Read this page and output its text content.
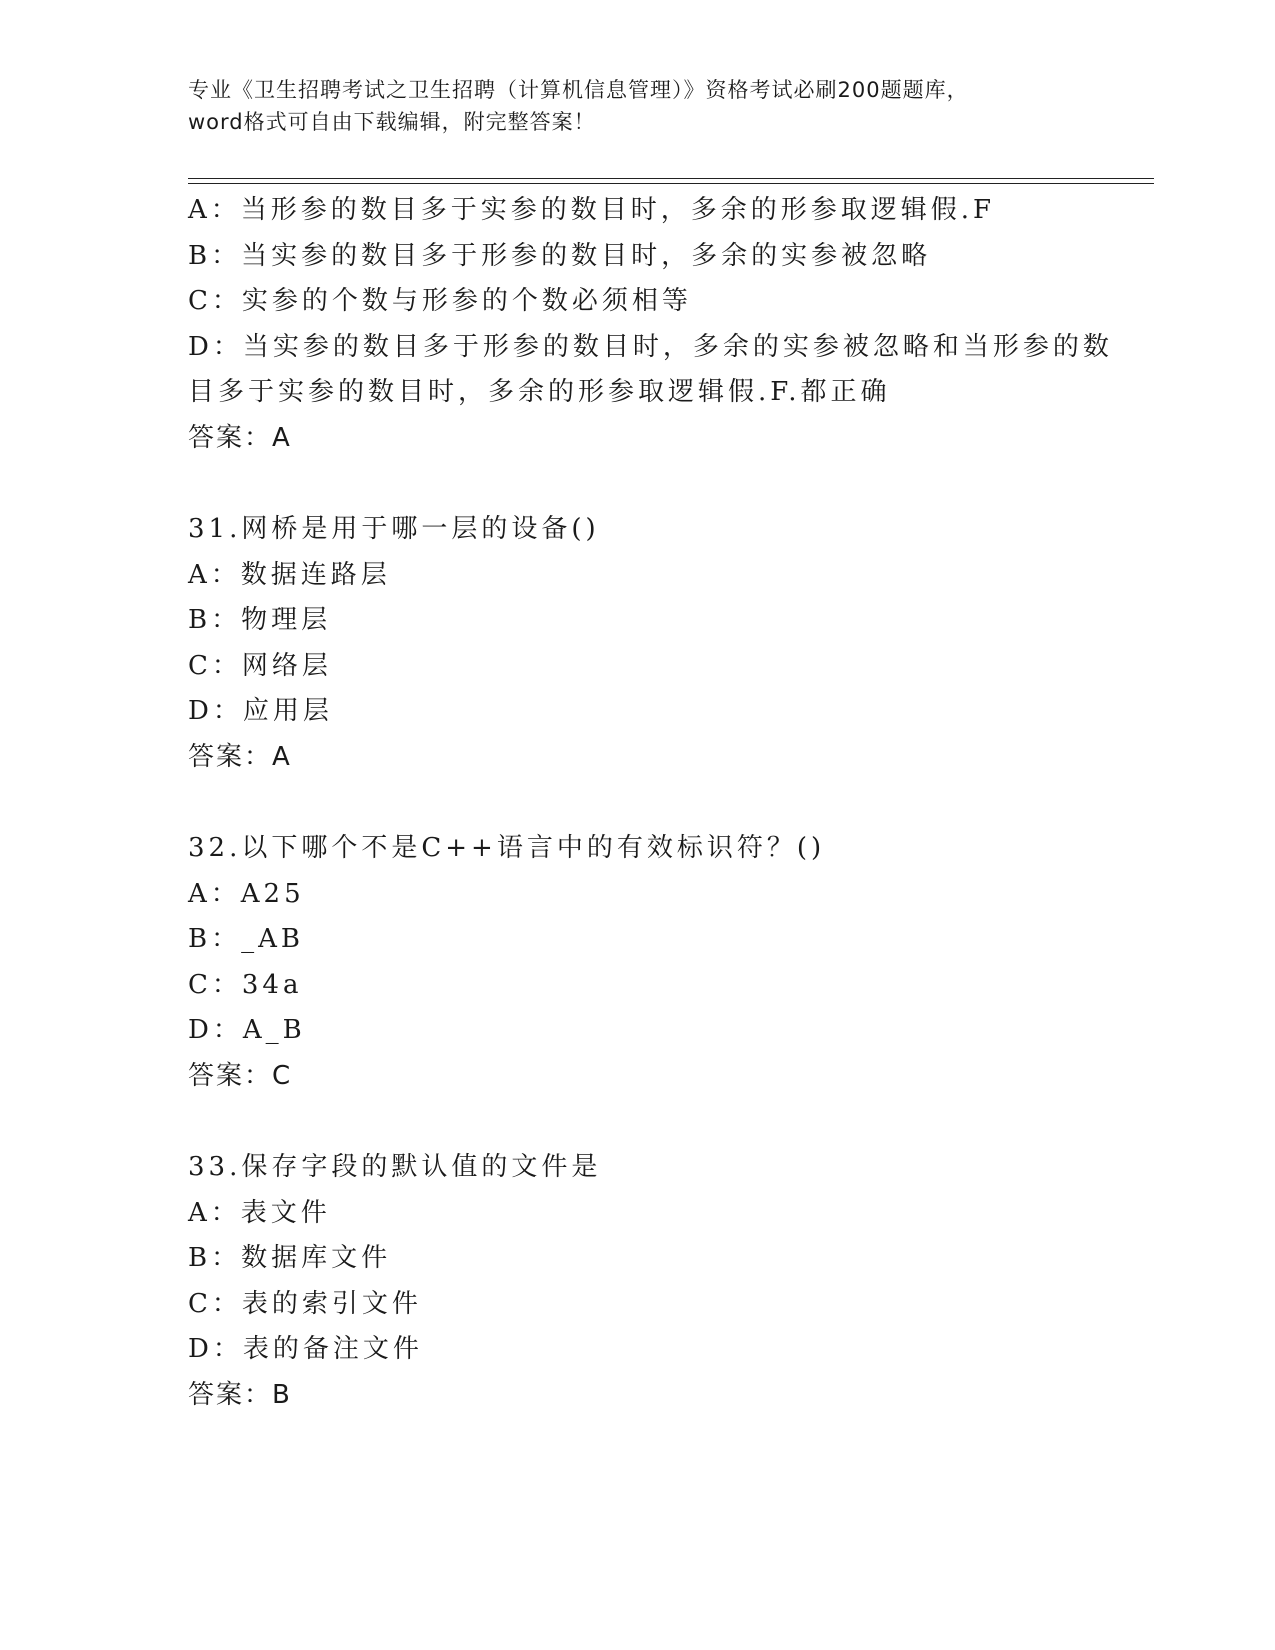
专业《卫生招聘考试之卫生招聘（计算机信息管理）》资格考试必刷200题题库，
word格式可自由下载编辑，附完整答案！
A：当形参的数目多于实参的数目时，多余的形参取逻辑假.F
B：当实参的数目多于形参的数目时，多余的实参被忽略
C：实参的个数与形参的个数必须相等
D：当实参的数目多于形参的数目时，多余的实参被忽略和当形参的数
目多于实参的数目时，多余的形参取逻辑假.F.都正确
答案：A
31.网桥是用于哪一层的设备()
A：数据连路层
B：物理层
C：网络层
D：应用层
答案：A
32.以下哪个不是C++语言中的有效标识符？()
A：A25
B：_AB
C：34a
D：A_B
答案：C
33.保存字段的默认值的文件是
A：表文件
B：数据库文件
C：表的索引文件
D：表的备注文件
答案：B
